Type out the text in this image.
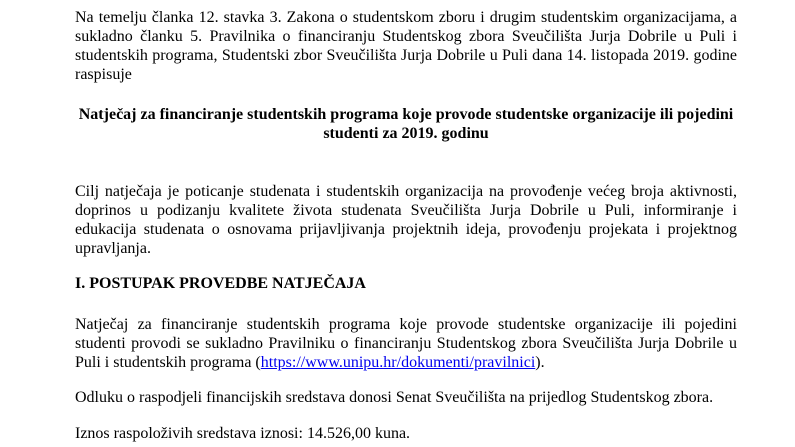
Na temelju članka 12. stavka 3. Zakona o studentskom zboru i drugim studentskim organizacijama, a sukladno članku 5. Pravilnika o financiranju Studentskog zbora Sveučilišta Jurja Dobrile u Puli i studentskih programa, Studentski zbor Sveučilišta Jurja Dobrile u Puli dana 14. listopada 2019. godine raspisuje

Natječaj za financiranje studentskih programa koje provode studentske organizacije ili pojedini studenti za 2019. godinu

Cilj natječaja je poticanje studenata i studentskih organizacija na provođenje većeg broja aktivnosti, doprinos u podizanju kvalitete života studenata Sveučilišta Jurja Dobrile u Puli, informiranje i edukacija studenata o osnovama prijavljivanja projektnih ideja, provođenju projekata i projektnog upravljanja.

I. POSTUPAK PROVEDBE NATJEČAJA

Natječaj za financiranje studentskih programa koje provode studentske organizacije ili pojedini studenti provodi se sukladno Pravilniku o financiranju Studentskog zbora Sveučilišta Jurja Dobrile u Puli i studentskih programa (https://www.unipu.hr/dokumenti/pravilnici).

Odluku o raspodjeli financijskih sredstava donosi Senat Sveučilišta na prijedlog Studentskog zbora.

Iznos raspoloživih sredstava iznosi: 14.526,00 kuna.
